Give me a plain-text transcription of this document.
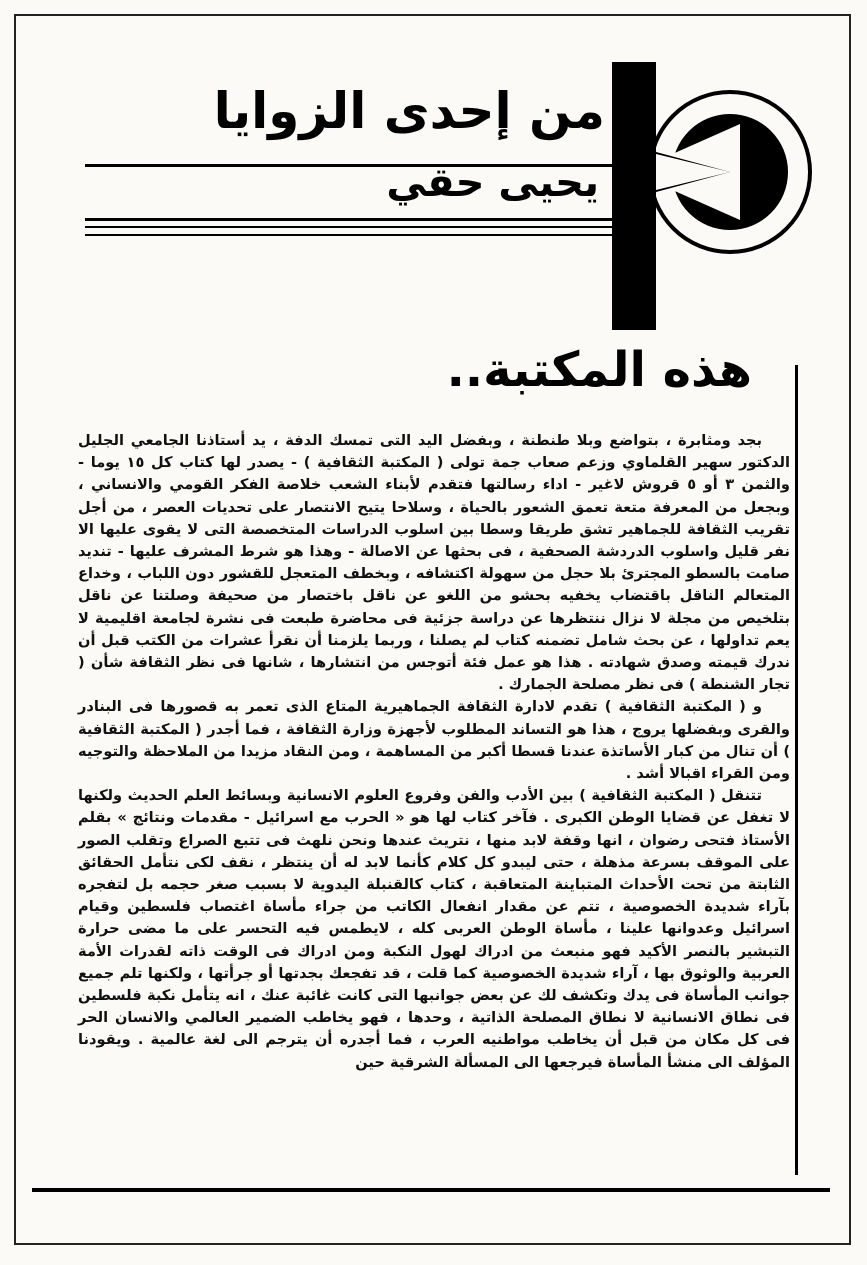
من إحدى الزوايا
يحيى حقي
هذه المكتبة..

بجد ومثابرة ، بتواضع وبلا طنطنة ، وبفضل اليد التى تمسك الدفة ، يد أستاذنا الجامعي الجليل الدكتور سهير القلماوي وزعم صعاب جمة تولى ( المكتبة الثقافية ) - يصدر لها كتاب كل ١٥ يوما - والثمن ٣ أو ٥ قروش لاغير - اداء رسالتها فتقدم لأبناء الشعب خلاصة الفكر القومي والانساني ، وبجعل من المعرفة متعة تعمق الشعور بالحياة ، وسلاحا يتيح الانتصار على تحديات العصر ، من أجل تقريب الثقافة للجماهير تشق طريقا وسطا بين اسلوب الدراسات المتخصصة التى لا يقوى عليها الا نفر قليل واسلوب الدردشة الصحفية ، فى بحثها عن الاصالة - وهذا هو شرط المشرف عليها - تنديد صامت بالسطو المجترئ بلا حجل من سهولة اكتشافه ، وبخطف المتعجل للقشور دون اللباب ، وخداع المتعالم الناقل باقتضاب يخفيه بحشو من اللغو عن ناقل باختصار من صحيفة وصلتنا عن ناقل بتلخيص من مجلة لا نزال ننتظرها عن دراسة جزئية فى محاضرة طبعت فى نشرة لجامعة اقليمية لا يعم تداولها ، عن بحث شامل تضمنه كتاب لم يصلنا ، وربما يلزمنا أن نقرأ عشرات من الكتب قبل أن ندرك قيمته وصدق شهادته . هذا هو عمل فئة أتوجس من انتشارها ، شانها فى نظر الثقافة شأن ( تجار الشنطة ) فى نظر مصلحة الجمارك .

و ( المكتبة الثقافية ) تقدم لادارة الثقافة الجماهيرية المتاع الذى تعمر به قصورها فى البنادر والقرى وبفضلها يروج ، هذا هو التساند المطلوب لأجهزة وزارة الثقافة ، فما أجدر ( المكتبة الثقافية ) أن تنال من كبار الأساتذة عندنا قسطا أكبر من المساهمة ، ومن النقاد مزيدا من الملاحظة والتوجيه ومن القراء اقبالا أشد .

تتنقل ( المكتبة الثقافية ) بين الأدب والفن وفروع العلوم الانسانية وبسائط العلم الحديث ولكنها لا تغفل عن قضايا الوطن الكبرى . فآخر كتاب لها هو « الحرب مع اسرائيل - مقدمات ونتائج » بقلم الأستاذ فتحى رضوان ، انها وقفة لابد منها ، نتريث عندها ونحن نلهث فى تتبع الصراع وتقلب الصور على الموقف بسرعة مذهلة ، حتى ليبدو كل كلام كأنما لابد له أن ينتظر ، نقف لكى نتأمل الحقائق الثابتة من تحت الأحداث المتباينة المتعاقبة ، كتاب كالقنبلة اليدوية لا بسبب صغر حجمه بل لتفجره بآراء شديدة الخصوصية ، تتم عن مقدار انفعال الكاتب من جراء مأساة اغتصاب فلسطين وقيام اسرائيل وعدوانها علينا ، مأساة الوطن العربى كله ، لايطمس فيه التحسر على ما مضى حرارة التبشير بالنصر الأكيد فهو منبعث من ادراك لهول النكبة ومن ادراك فى الوقت ذاته لقدرات الأمة العربية والوثوق بها ، آراء شديدة الخصوصية كما قلت ، قد تفجعك بجدتها أو جرأتها ، ولكنها تلم جميع جوانب المأساة فى يدك وتكشف لك عن بعض جوانبها التى كانت غائبة عنك ، انه يتأمل نكبة فلسطين فى نطاق الانسانية لا نطاق المصلحة الذاتية ، وحدها ، فهو يخاطب الضمير العالمي والانسان الحر فى كل مكان من قبل أن يخاطب مواطنيه العرب ، فما أجدره أن يترجم الى لغة عالمية . ويقودنا المؤلف الى منشأ المأساة فيرجعها الى المسألة الشرقية حين
